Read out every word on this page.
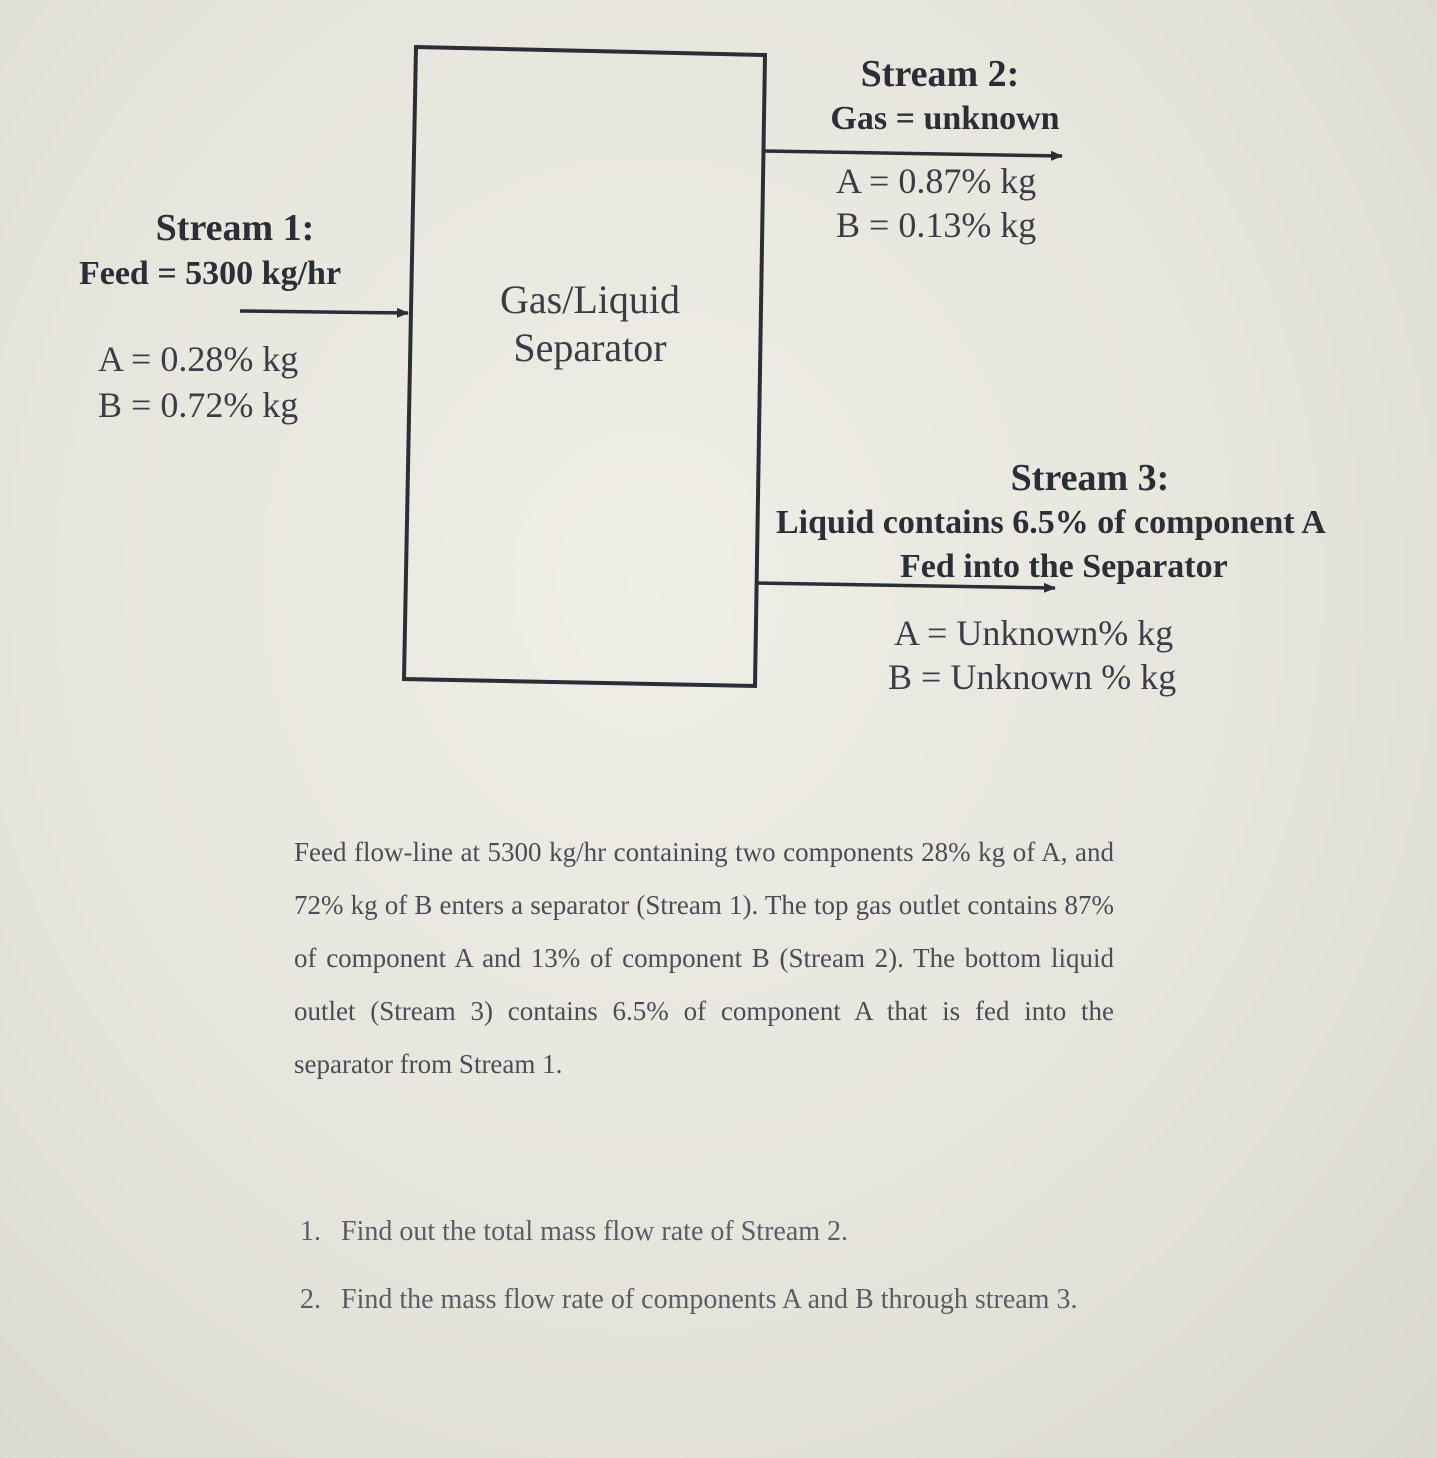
Stream 1:
Feed = 5300 kg/hr
A = 0.28% kg
B = 0.72% kg
Gas/Liquid
Separator
Stream 2:
Gas = unknown
A = 0.87% kg
B = 0.13% kg
Stream 3:
Liquid contains 6.5% of component A
Fed into the Separator
A = Unknown% kg
B = Unknown % kg
Feed flow-line at 5300 kg/hr containing two components 28% kg of A, and 72% kg of B enters a separator (Stream 1). The top gas outlet contains 87% of component A and 13% of component B (Stream 2). The bottom liquid outlet (Stream 3) contains 6.5% of component A that is fed into the separator from Stream 1.
1. Find out the total mass flow rate of Stream 2.
2. Find the mass flow rate of components A and B through stream 3.
